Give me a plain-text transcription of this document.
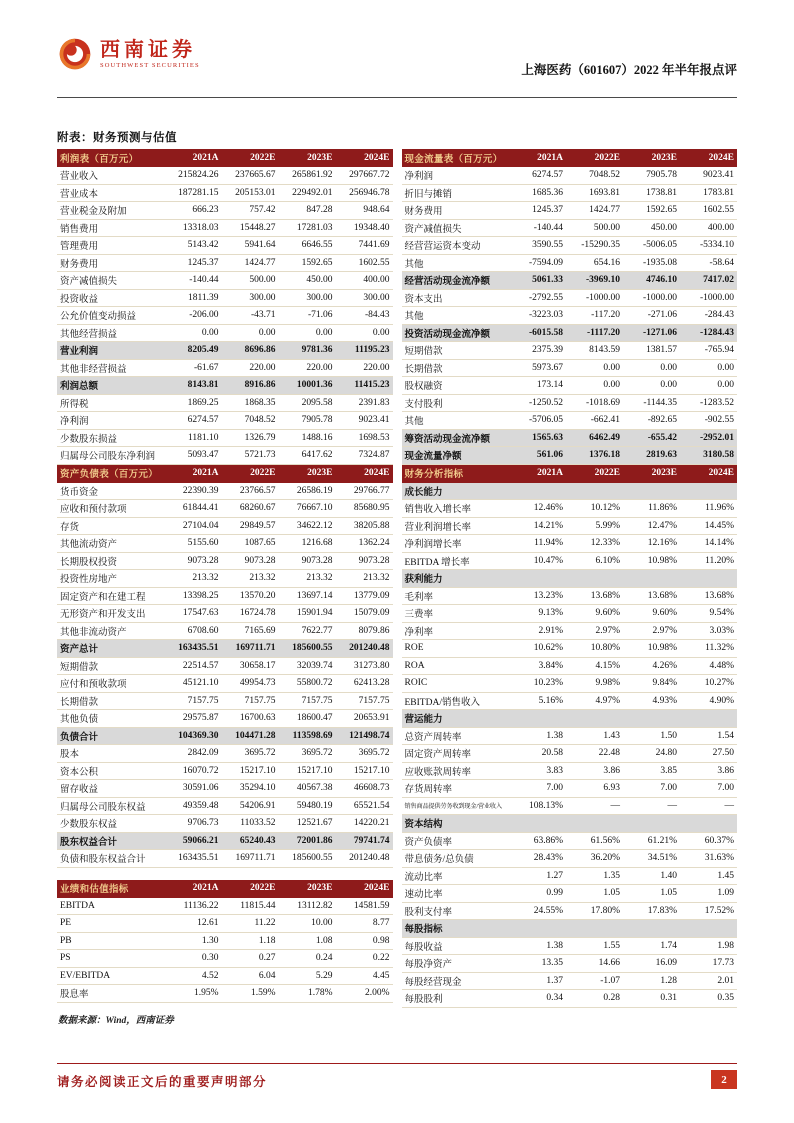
西南证券
SOUTHWEST SECURITIES	上海医药（601607）2022 年半年报点评
附表：财务预测与估值
利润表（百万元）	2021A	2022E	2023E	2024E
营业收入	215824.26	237665.67	265861.92	297667.72
营业成本	187281.15	205153.01	229492.01	256946.78
营业税金及附加	666.23	757.42	847.28	948.64
销售费用	13318.03	15448.27	17281.03	19348.40
管理费用	5143.42	5941.64	6646.55	7441.69
财务费用	1245.37	1424.77	1592.65	1602.55
资产减值损失	-140.44	500.00	450.00	400.00
投资收益	1811.39	300.00	300.00	300.00
公允价值变动损益	-206.00	-43.71	-71.06	-84.43
其他经营损益	0.00	0.00	0.00	0.00
营业利润	8205.49	8696.86	9781.36	11195.23
其他非经营损益	-61.67	220.00	220.00	220.00
利润总额	8143.81	8916.86	10001.36	11415.23
所得税	1869.25	1868.35	2095.58	2391.83
净利润	6274.57	7048.52	7905.78	9023.41
少数股东损益	1181.10	1326.79	1488.16	1698.53
归属母公司股东净利润	5093.47	5721.73	6417.62	7324.87
资产负债表（百万元）	2021A	2022E	2023E	2024E
货币资金	22390.39	23766.57	26586.19	29766.77
应收和预付款项	61844.41	68260.67	76667.10	85680.95
存货	27104.04	29849.57	34622.12	38205.88
其他流动资产	5155.60	1087.65	1216.68	1362.24
长期股权投资	9073.28	9073.28	9073.28	9073.28
投资性房地产	213.32	213.32	213.32	213.32
固定资产和在建工程	13398.25	13570.20	13697.14	13779.09
无形资产和开发支出	17547.63	16724.78	15901.94	15079.09
其他非流动资产	6708.60	7165.69	7622.77	8079.86
资产总计	163435.51	169711.71	185600.55	201240.48
短期借款	22514.57	30658.17	32039.74	31273.80
应付和预收款项	45121.10	49954.73	55800.72	62413.28
长期借款	7157.75	7157.75	7157.75	7157.75
其他负债	29575.87	16700.63	18600.47	20653.91
负债合计	104369.30	104471.28	113598.69	121498.74
股本	2842.09	3695.72	3695.72	3695.72
资本公积	16070.72	15217.10	15217.10	15217.10
留存收益	30591.06	35294.10	40567.38	46608.73
归属母公司股东权益	49359.48	54206.91	59480.19	65521.54
少数股东权益	9706.73	11033.52	12521.67	14220.21
股东权益合计	59066.21	65240.43	72001.86	79741.74
负债和股东权益合计	163435.51	169711.71	185600.55	201240.48
业绩和估值指标	2021A	2022E	2023E	2024E
EBITDA	11136.22	11815.44	13112.82	14581.59
PE	12.61	11.22	10.00	8.77
PB	1.30	1.18	1.08	0.98
PS	0.30	0.27	0.24	0.22
EV/EBITDA	4.52	6.04	5.29	4.45
股息率	1.95%	1.59%	1.78%	2.00%
数据来源：Wind，西南证券
现金流量表（百万元）	2021A	2022E	2023E	2024E
净利润	6274.57	7048.52	7905.78	9023.41
折旧与摊销	1685.36	1693.81	1738.81	1783.81
财务费用	1245.37	1424.77	1592.65	1602.55
资产减值损失	-140.44	500.00	450.00	400.00
经营营运资本变动	3590.55	-15290.35	-5006.05	-5334.10
其他	-7594.09	654.16	-1935.08	-58.64
经营活动现金流净额	5061.33	-3969.10	4746.10	7417.02
资本支出	-2792.55	-1000.00	-1000.00	-1000.00
其他	-3223.03	-117.20	-271.06	-284.43
投资活动现金流净额	-6015.58	-1117.20	-1271.06	-1284.43
短期借款	2375.39	8143.59	1381.57	-765.94
长期借款	5973.67	0.00	0.00	0.00
股权融资	173.14	0.00	0.00	0.00
支付股利	-1250.52	-1018.69	-1144.35	-1283.52
其他	-5706.05	-662.41	-892.65	-902.55
筹资活动现金流净额	1565.63	6462.49	-655.42	-2952.01
现金流量净额	561.06	1376.18	2819.63	3180.58
财务分析指标	2021A	2022E	2023E	2024E
成长能力				
销售收入增长率	12.46%	10.12%	11.86%	11.96%
营业利润增长率	14.21%	5.99%	12.47%	14.45%
净利润增长率	11.94%	12.33%	12.16%	14.14%
EBITDA 增长率	10.47%	6.10%	10.98%	11.20%
获利能力				
毛利率	13.23%	13.68%	13.68%	13.68%
三费率	9.13%	9.60%	9.60%	9.54%
净利率	2.91%	2.97%	2.97%	3.03%
ROE	10.62%	10.80%	10.98%	11.32%
ROA	3.84%	4.15%	4.26%	4.48%
ROIC	10.23%	9.98%	9.84%	10.27%
EBITDA/销售收入	5.16%	4.97%	4.93%	4.90%
营运能力				
总资产周转率	1.38	1.43	1.50	1.54
固定资产周转率	20.58	22.48	24.80	27.50
应收账款周转率	3.83	3.86	3.85	3.86
存货周转率	7.00	6.93	7.00	7.00
销售商品提供劳务收到现金/营业收入	108.13%	—	—	—
资本结构				
资产负债率	63.86%	61.56%	61.21%	60.37%
带息债务/总负债	28.43%	36.20%	34.51%	31.63%
流动比率	1.27	1.35	1.40	1.45
速动比率	0.99	1.05	1.05	1.09
股利支付率	24.55%	17.80%	17.83%	17.52%
每股指标				
每股收益	1.38	1.55	1.74	1.98
每股净资产	13.35	14.66	16.09	17.73
每股经营现金	1.37	-1.07	1.28	2.01
每股股利	0.34	0.28	0.31	0.35
请务必阅读正文后的重要声明部分	2
